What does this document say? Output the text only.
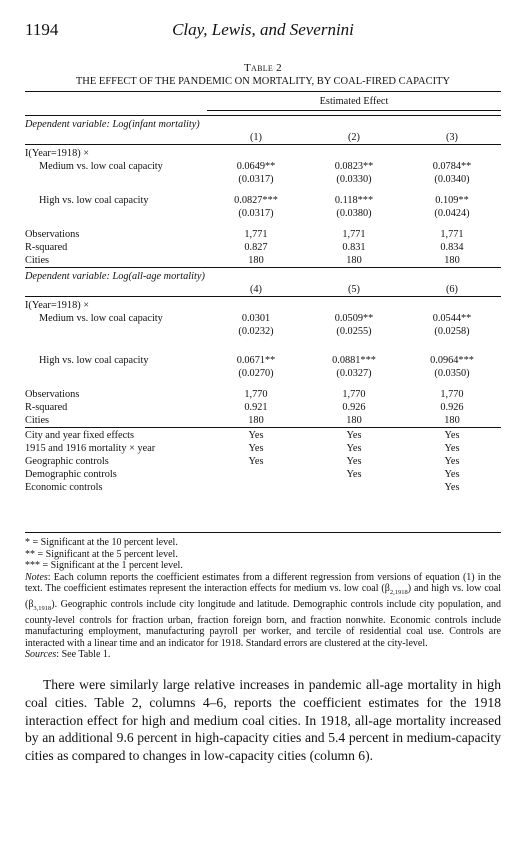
1194	Clay, Lewis, and Severnini
Table 2
THE EFFECT OF THE PANDEMIC ON MORTALITY, BY COAL-FIRED CAPACITY
	Estimated Effect		

Dependent variable: Log(infant mortality)			
	(1)	(2)	(3)
I(Year=1918) ×			
Medium vs. low coal capacity	0.0649**	0.0823**	0.0784**
	(0.0317)	(0.0330)	(0.0340)

High vs. low coal capacity	0.0827***	0.118***	0.109**
	(0.0317)	(0.0380)	(0.0424)

Observations	1,771	1,771	1,771
R-squared	0.827	0.831	0.834
Cities	180	180	180
Dependent variable: Log(all-age mortality)			
	(4)	(5)	(6)
I(Year=1918) ×			
Medium vs. low coal capacity	0.0301	0.0509**	0.0544**
	(0.0232)	(0.0255)	(0.0258)

High vs. low coal capacity	0.0671**	0.0881***	0.0964***
	(0.0270)	(0.0327)	(0.0350)

Observations	1,770	1,770	1,770
R-squared	0.921	0.926	0.926
Cities	180	180	180
City and year fixed effects	Yes	Yes	Yes
1915 and 1916 mortality × year	Yes	Yes	Yes
Geographic controls	Yes	Yes	Yes
Demographic controls		Yes	Yes
Economic controls			Yes

* = Significant at the 10 percent level.

** = Significant at the 5 percent level.

*** = Significant at the 1 percent level.

Notes: Each column reports the coefficient estimates from a different regression from versions of equation (1) in the text. The coefficient estimates represent the interaction effects for medium vs. low coal $(\beta_{2,1918})$ and high vs. low coal $(\beta_{3,1918})$. Geographic controls include city longitude and latitude. Demographic controls include city population, and county-level controls for fraction urban, fraction foreign born, and fraction nonwhite. Economic controls include manufacturing employment, manufacturing payroll per worker, and tercile of residential coal use. Controls are interacted with a linear time and an indicator for 1918. Standard errors are clustered at the city-level.

Sources: See Table 1.

There were similarly large relative increases in pandemic all-age mortality in high coal cities. Table 2, columns 4–6, reports the coefficient estimates for the 1918 interaction effect for high and medium coal cities. In 1918, all-age mortality increased by an additional 9.6 percent in high-capacity cities and 5.4 percent in medium-capacity cities as compared to changes in low-capacity cities (column 6).
